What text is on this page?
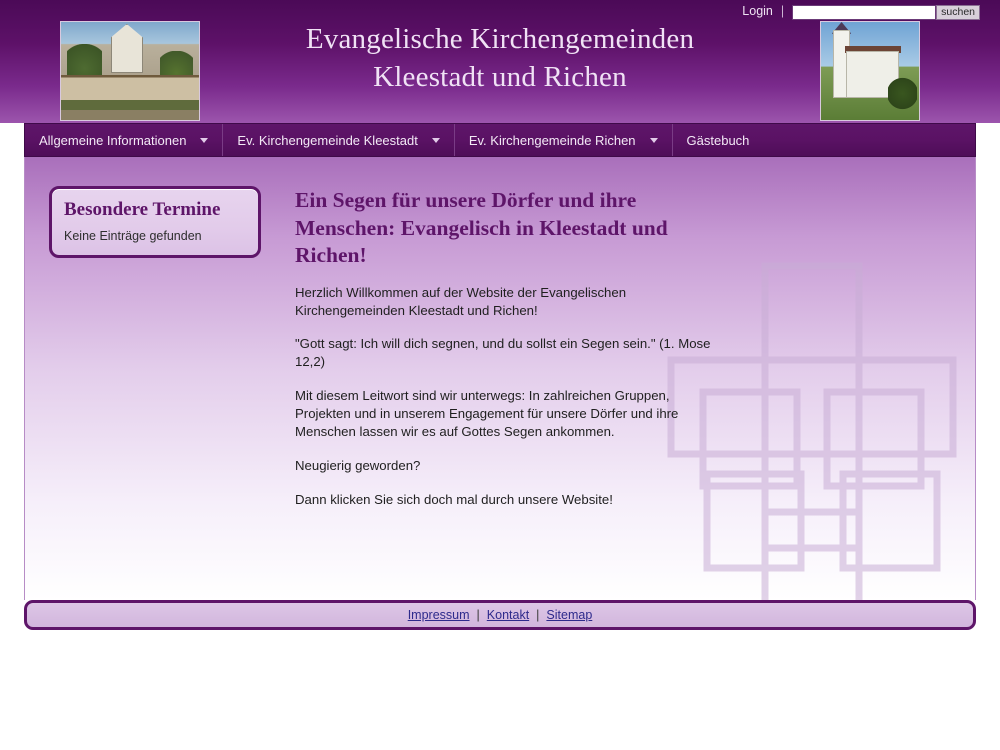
Login |	suchen
Evangelische Kirchengemeinden
Kleestadt und Richen
Allgemeine Informationen	Ev. Kirchengemeinde Kleestadt	Ev. Kirchengemeinde Richen	Gästebuch
Besondere Termine
Keine Einträge gefunden
Ein Segen für unsere Dörfer und ihre Menschen: Evangelisch in Kleestadt und Richen!

Herzlich Willkommen auf der Website der Evangelischen Kirchengemeinden Kleestadt und Richen!

"Gott sagt: Ich will dich segnen, und du sollst ein Segen sein." (1. Mose 12,2)

Mit diesem Leitwort sind wir unterwegs: In zahlreichen Gruppen, Projekten und in unserem Engagement für unsere Dörfer und ihre Menschen lassen wir es auf Gottes Segen ankommen.

Neugierig geworden?

Dann klicken Sie sich doch mal durch unsere Website!

Impressum | Kontakt | Sitemap
